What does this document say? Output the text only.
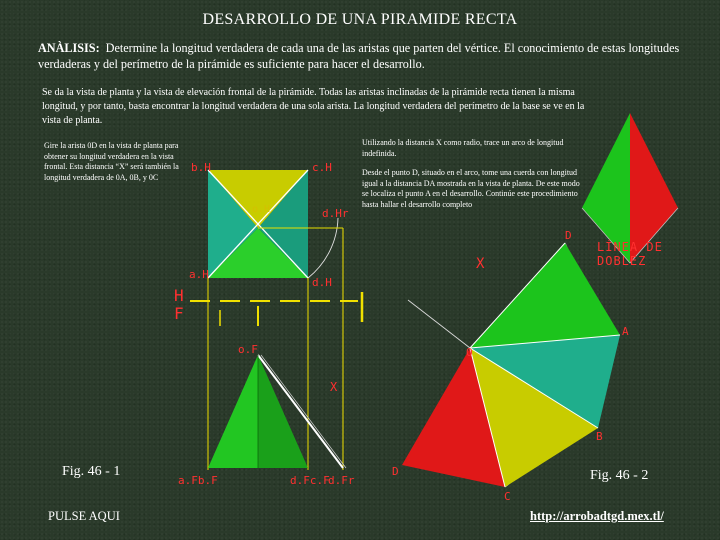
DESARROLLO DE UNA PIRAMIDE RECTA
ANÀLISIS: Determine la longitud verdadera de cada una de las aristas que parten del vértice. El conocimiento de estas longitudes verdaderas y del perímetro de la pirámide es suficiente para hacer el desarrollo.
Se da la vista de planta y la vista de elevación frontal de la pirámide. Todas las aristas inclinadas de la pirámide recta tienen la misma longitud, y por tanto, basta encontrar la longitud verdadera de una sola arista. La longitud verdadera del perímetro de la base se ve en la vista de planta.
Gire la arista 0D en la vista de planta para obtener su longitud verdadera en la vista frontal. Esta distancia “X” será también la longitud verdadera de 0A, 0B, y 0C
Utilizando la distancia X como radio, trace un arco de longitud indefinida.
Desde el punto D, situado en el arco, tome una cuerda con longitud igual a la distancia DA mostrada en la vista de planta. De este modo se localiza el punto A en el desarrollo. Continúe este procedimiento hasta hallar el desarrollo completo
b.H	c.H
d.Hr
o.H
a.H
d.H
H
F
o.F
X
a.Fb.F	d.Fc.F
d.Fr
D
LÍNEA DE DOBLEZ
X
A
O
B
D
C
Fig. 46 - 1	Fig. 46 - 2
PULSE AQUI	http://arrobadtgd.mex.tl/
